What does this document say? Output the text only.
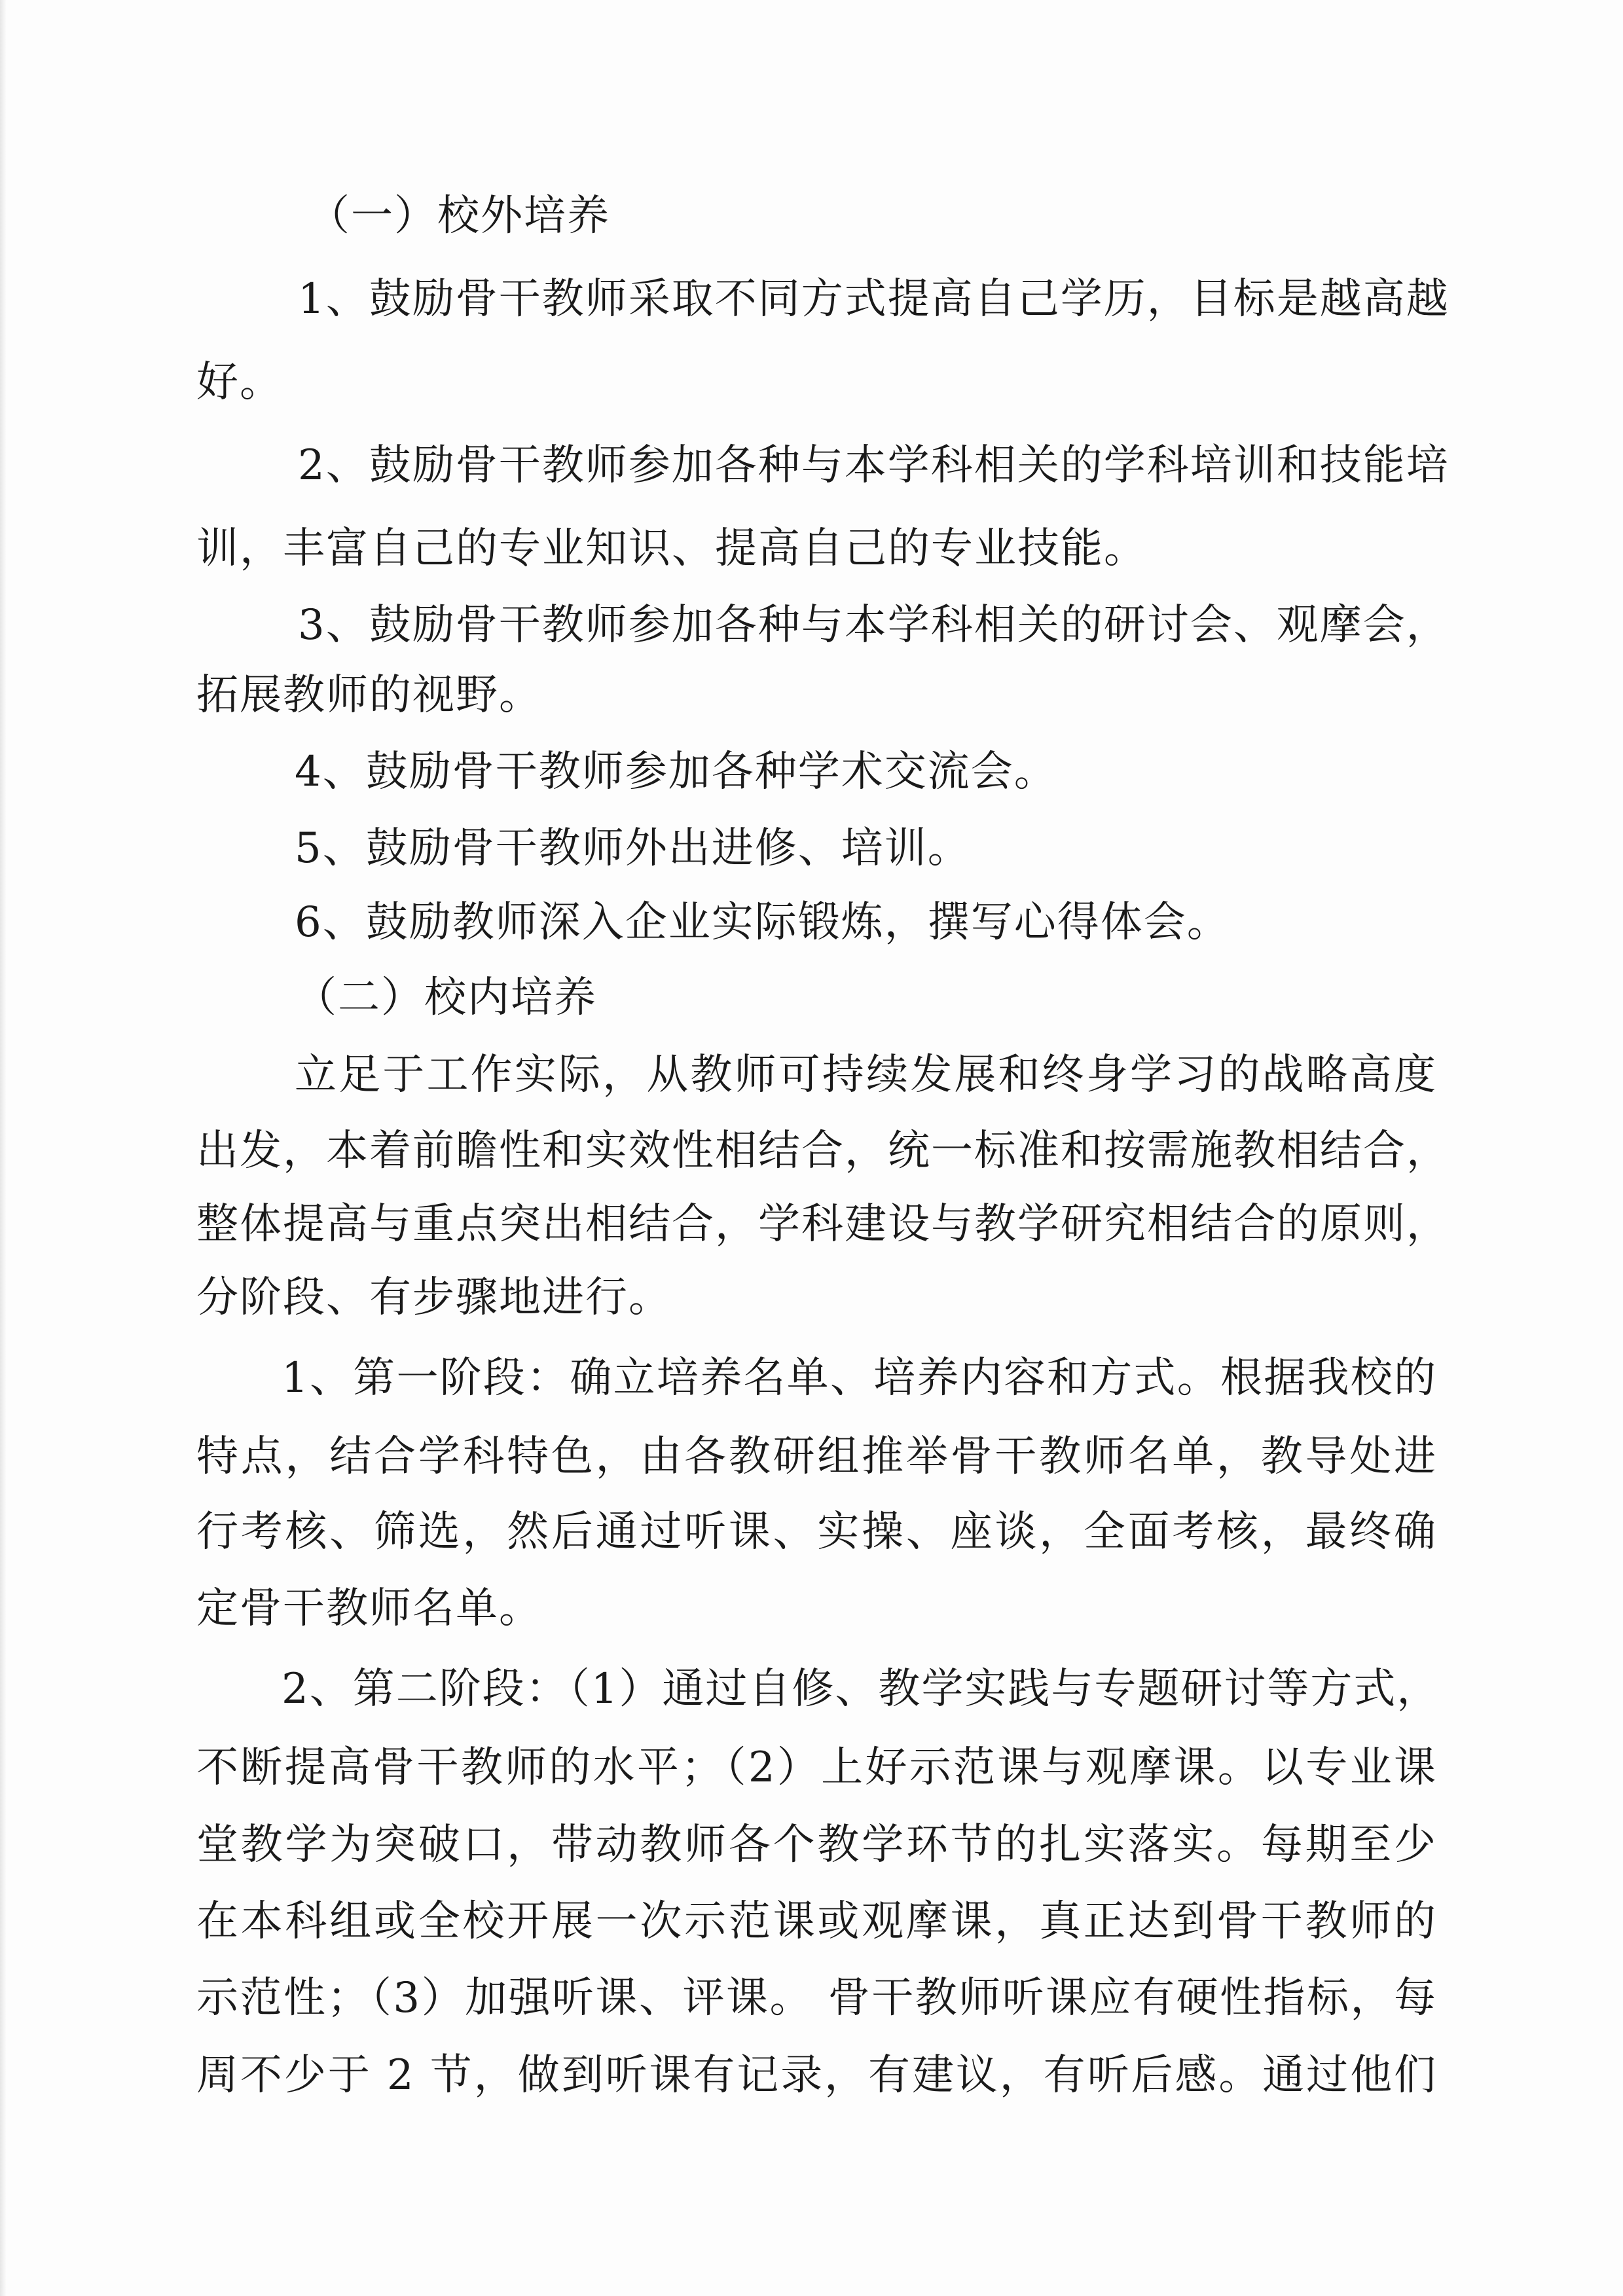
（一）校外培养
1、鼓励骨干教师采取不同方式提高自己学历，目标是越高越
好。
2、鼓励骨干教师参加各种与本学科相关的学科培训和技能培
训，丰富自己的专业知识、提高自己的专业技能。
3、鼓励骨干教师参加各种与本学科相关的研讨会、观摩会，
拓展教师的视野。
4、鼓励骨干教师参加各种学术交流会。
5、鼓励骨干教师外出进修、培训。
6、鼓励教师深入企业实际锻炼，撰写心得体会。
（二）校内培养
立足于工作实际，从教师可持续发展和终身学习的战略高度
出发，本着前瞻性和实效性相结合，统一标准和按需施教相结合，
整体提高与重点突出相结合，学科建设与教学研究相结合的原则，
分阶段、有步骤地进行。
1、第一阶段：确立培养名单、培养内容和方式。根据我校的
特点，结合学科特色，由各教研组推举骨干教师名单，教导处进
行考核、筛选，然后通过听课、实操、座谈，全面考核，最终确
定骨干教师名单。
2、第二阶段：（1）通过自修、教学实践与专题研讨等方式，
不断提高骨干教师的水平；（2）上好示范课与观摩课。以专业课
堂教学为突破口，带动教师各个教学环节的扎实落实。每期至少
在本科组或全校开展一次示范课或观摩课，真正达到骨干教师的
示范性；（3）加强听课、评课。 骨干教师听课应有硬性指标，每
周不少于 2 节，做到听课有记录，有建议，有听后感。通过他们
